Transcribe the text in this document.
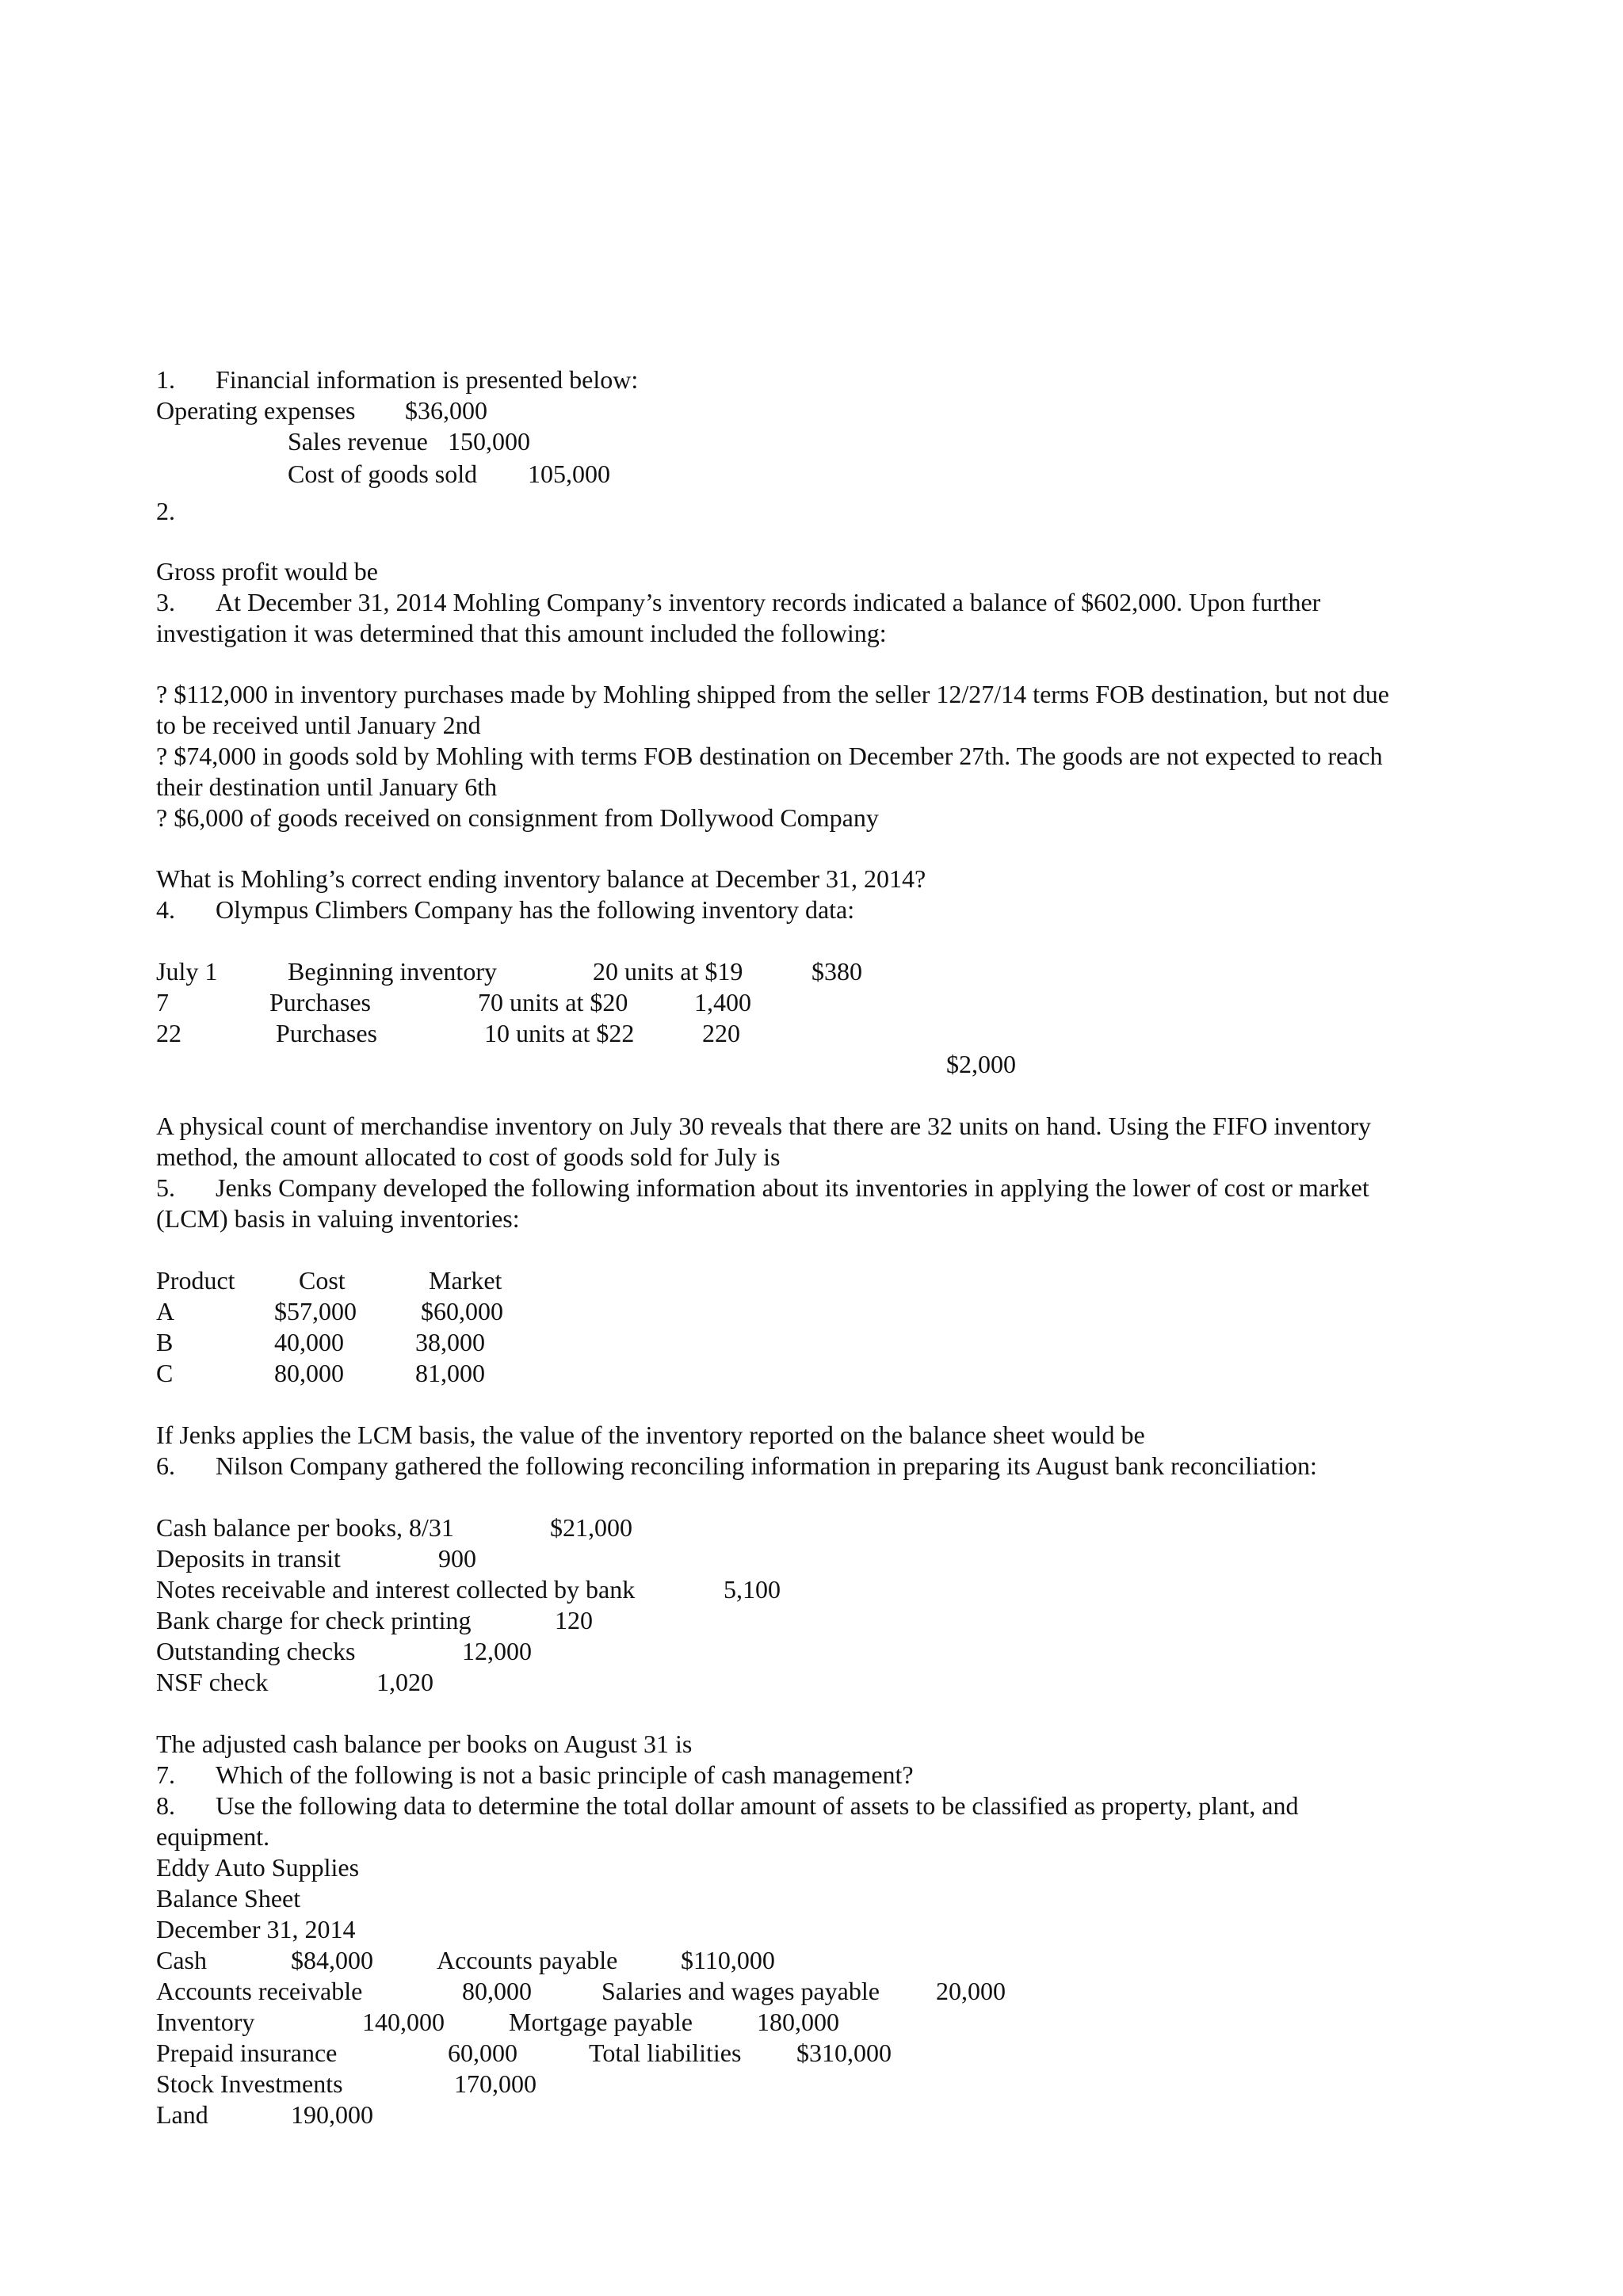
1. Financial information is presented below:
Operating expenses $36,000
Sales revenue 150,000
Cost of goods sold 105,000
2.
Gross profit would be
3. At December 31, 2014 Mohling Company’s inventory records indicated a balance of $602,000. Upon further
investigation it was determined that this amount included the following:
? $112,000 in inventory purchases made by Mohling shipped from the seller 12/27/14 terms FOB destination, but not due
to be received until January 2nd
? $74,000 in goods sold by Mohling with terms FOB destination on December 27th. The goods are not expected to reach
their destination until January 6th
? $6,000 of goods received on consignment from Dollywood Company
What is Mohling’s correct ending inventory balance at December 31, 2014?
4. Olympus Climbers Company has the following inventory data:
July 1	Beginning inventory	20 units at $19	$380
7	Purchases	70 units at $20	1,400
22	Purchases	10 units at $22	220
$2,000
A physical count of merchandise inventory on July 30 reveals that there are 32 units on hand. Using the FIFO inventory
method, the amount allocated to cost of goods sold for July is
5. Jenks Company developed the following information about its inventories in applying the lower of cost or market
(LCM) basis in valuing inventories:
Product	Cost	Market
A	$57,000	$60,000
B	40,000	38,000
C	80,000	81,000
If Jenks applies the LCM basis, the value of the inventory reported on the balance sheet would be
6. Nilson Company gathered the following reconciling information in preparing its August bank reconciliation:
Cash balance per books, 8/31	$21,000
Deposits in transit	900
Notes receivable and interest collected by bank	5,100
Bank charge for check printing	120
Outstanding checks	12,000
NSF check	1,020
The adjusted cash balance per books on August 31 is
7. Which of the following is not a basic principle of cash management?
8. Use the following data to determine the total dollar amount of assets to be classified as property, plant, and
equipment.
Eddy Auto Supplies
Balance Sheet
December 31, 2014
Cash	$84,000	Accounts payable $110,000
Accounts receivable	80,000	Salaries and wages payable 20,000
Inventory	140,000	Mortgage payable	180,000
Prepaid insurance	60,000	Total liabilities $310,000
Stock Investments	170,000
Land	190,000
